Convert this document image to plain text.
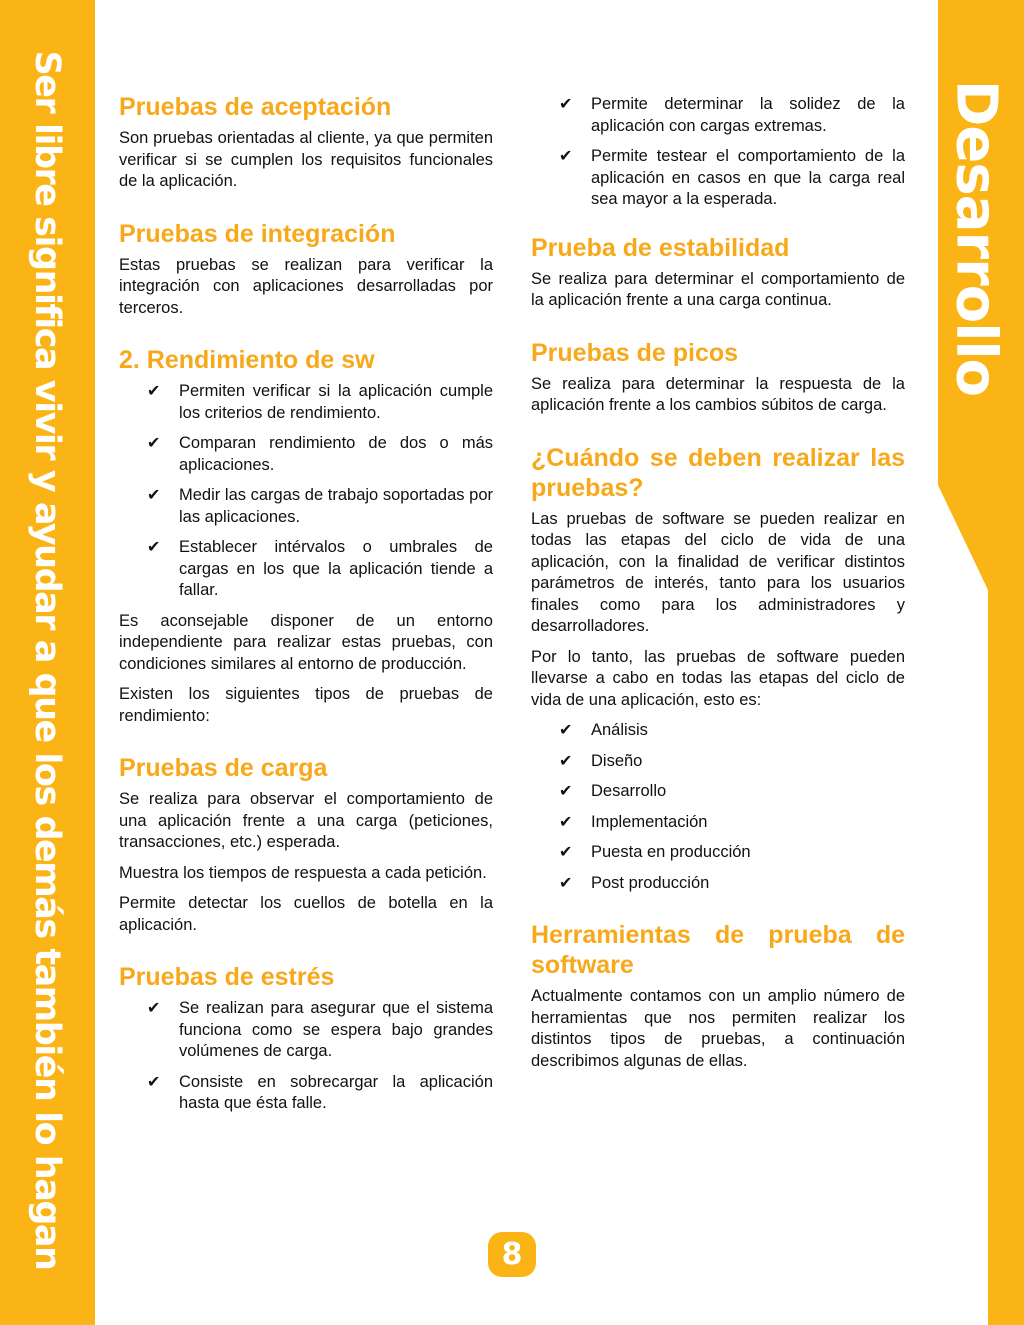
Ser libre significa vivir y ayudar a que los demás también lo hagan	Desarrollo
Pruebas de aceptación

Son pruebas orientadas al cliente, ya que permiten verificar si se cumplen los requisitos funcionales de la aplicación.

Pruebas de integración

Estas pruebas se realizan para verificar la integración con aplicaciones desarrolladas por terceros.

2. Rendimiento de sw
✔ Permiten verificar si la aplicación cumple los criterios de rendimiento.
✔ Comparan rendimiento de dos o más aplicaciones.
✔ Medir las cargas de trabajo soportadas por las aplicaciones.
✔ Establecer intérvalos o umbrales de cargas en los que la aplicación tiende a fallar.

Es aconsejable disponer de un entorno independiente para realizar estas pruebas, con condiciones similares al entorno de producción.

Existen los siguientes tipos de pruebas de rendimiento:

Pruebas de carga

Se realiza para observar el comportamiento de una aplicación frente a una carga (peticiones, transacciones, etc.) esperada.

Muestra los tiempos de respuesta a cada petición.

Permite detectar los cuellos de botella en la aplicación.

Pruebas de estrés
✔ Se realizan para asegurar que el sistema funciona como se espera bajo grandes volúmenes de carga.
✔ Consiste en sobrecargar la aplicación hasta que ésta falle.
✔ Permite determinar la solidez de la aplicación con cargas extremas.
✔ Permite testear el comportamiento de la aplicación en casos en que la carga real sea mayor a la esperada.
Prueba de estabilidad

Se realiza para determinar el comportamiento de la aplicación frente a una carga continua.

Pruebas de picos

Se realiza para determinar la respuesta de la aplicación frente a los cambios súbitos de carga.

¿Cuándo se deben realizar las pruebas?

Las pruebas de software se pueden realizar en todas las etapas del ciclo de vida de una aplicación, con la finalidad de verificar distintos parámetros de interés, tanto para los usuarios finales como para los administradores y desarrolladores.

Por lo tanto, las pruebas de software pueden llevarse a cabo en todas las etapas del ciclo de vida de una aplicación, esto es:

✔ Análisis
✔ Diseño
✔ Desarrollo
✔ Implementación
✔ Puesta en producción
✔ Post producción
Herramientas de prueba de software

Actualmente contamos con un amplio número de herramientas que nos permiten realizar los distintos tipos de pruebas, a continuación describimos algunas de ellas.

8
